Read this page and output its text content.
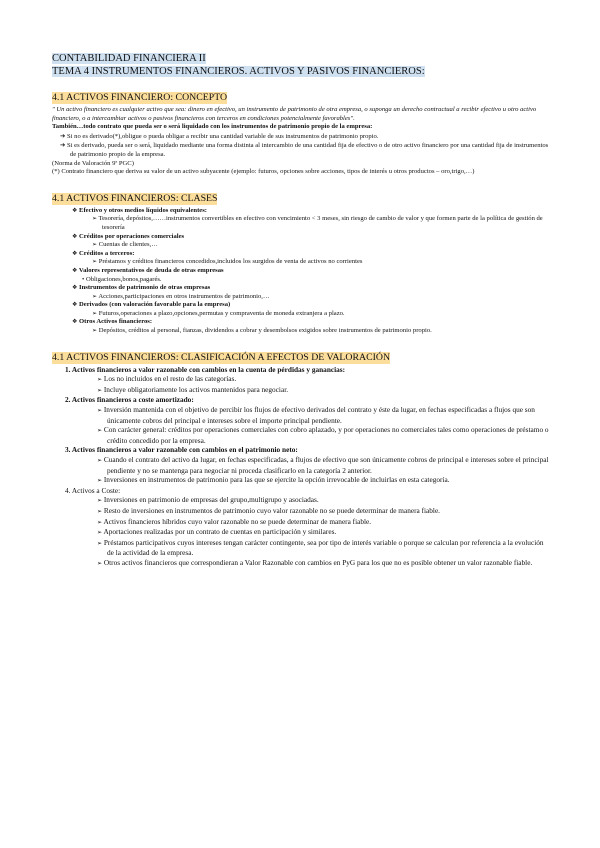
CONTABILIDAD FINANCIERA II
TEMA 4 INSTRUMENTOS FINANCIEROS. ACTIVOS Y PASIVOS FINANCIEROS:
4.1 ACTIVOS FINANCIERO: CONCEPTO
" Un activo financiero es cualquier activo que sea: dinero en efectivo, un instrumento de patrimonio de otra empresa, o suponga un derecho contractual a recibir efectivo u otro activo financiero, o a intercambiar activos o pasivos financieros con terceros en condiciones potencialmente favorables".
También…todo contrato que pueda ser o será liquidado con los instrumentos de patrimonio propio de la empresa:
➔ Si no es derivado(*),obligue o pueda obligar a recibir una cantidad variable de sus instrumentos de patrimonio propio.
➔ Si es derivado, pueda ser o será, liquidado mediante una forma distinta al intercambio de una cantidad fija de efectivo o de otro activo financiero por una cantidad fija de instrumentos de patrimonio propio de la empresa.
(Norma de Valoración 9ª PGC)
(*) Contrato financiero que deriva su valor de un activo subyacente (ejemplo: futuros, opciones sobre acciones, tipos de interés u otros productos – oro,trigo,…)
4.1 ACTIVOS FINANCIEROS: CLASES
❖ Efectivo y otros medios líquidos equivalentes:
➢ Tesorería, depósitos,……instrumentos convertibles en efectivo con vencimiento < 3 meses, sin riesgo de cambio de valor y que formen parte de la política de gestión de tesorería
❖ Créditos por operaciones comerciales
➢ Cuentas de clientes,…
❖ Créditos a terceros:
➢ Préstamos y créditos financieros concedidos,incluidos los surgidos de venta de activos no corrientes
❖ Valores representativos de deuda de otras empresas
• Obligaciones,bonos,pagarés.
❖ Instrumentos de patrimonio de otras empresas
➢ Acciones,participaciones en otros instrumentos de patrimonio,…
❖ Derivados (con valoración favorable para la empresa)
➢ Futuros,operaciones a plazo,opciones,permutas y compraventa de moneda extranjera a plazo.
❖ Otros Activos financieros:
➢ Depósitos, créditos al personal, fianzas, dividendos a cobrar y desembolsos exigidos sobre instrumentos de patrimonio propio.
4.1 ACTIVOS FINANCIEROS: CLASIFICACIÓN A EFECTOS DE VALORACIÓN
1. Activos financieros a valor razonable con cambios en la cuenta de pérdidas y ganancias:
➢ Los no incluidos en el resto de las categorías.
➢ Incluye obligatoriamente los activos mantenidos para negociar.
2. Activos financieros a coste amortizado:
➢ Inversión mantenida con el objetivo de percibir los flujos de efectivo derivados del contrato y éste da lugar, en fechas especificadas a flujos que son únicamente cobros del principal e intereses sobre el importe principal pendiente.
➢ Con carácter general: créditos por operaciones comerciales con cobro aplazado, y por operaciones no comerciales tales como operaciones de préstamo o crédito concedido por la empresa.
3. Activos financieros a valor razonable con cambios en el patrimonio neto:
➢ Cuando el contrato del activo da lugar, en fechas especificadas, a flujos de efectivo que son únicamente cobros de principal e intereses sobre el principal pendiente y no se mantenga para negociar ni proceda clasificarlo en la categoría 2 anterior.
➢ Inversiones en instrumentos de patrimonio para las que se ejercite la opción irrevocable de incluirlas en esta categoría.
4. Activos a Coste:
➢ Inversiones en patrimonio de empresas del grupo,multigrupo y asociadas.
➢ Resto de inversiones en instrumentos de patrimonio cuyo valor razonable no se puede determinar de manera fiable.
➢ Activos financieros híbridos cuyo valor razonable no se puede determinar de manera fiable.
➢ Aportaciones realizadas por un contrato de cuentas en participación y similares.
➢ Préstamos participativos cuyos intereses tengan carácter contingente, sea por tipo de interés variable o porque se calculan por referencia a la evolución de la actividad de la empresa.
➢ Otros activos financieros que correspondieran a Valor Razonable con cambios en PyG para los que no es posible obtener un valor razonable fiable.
